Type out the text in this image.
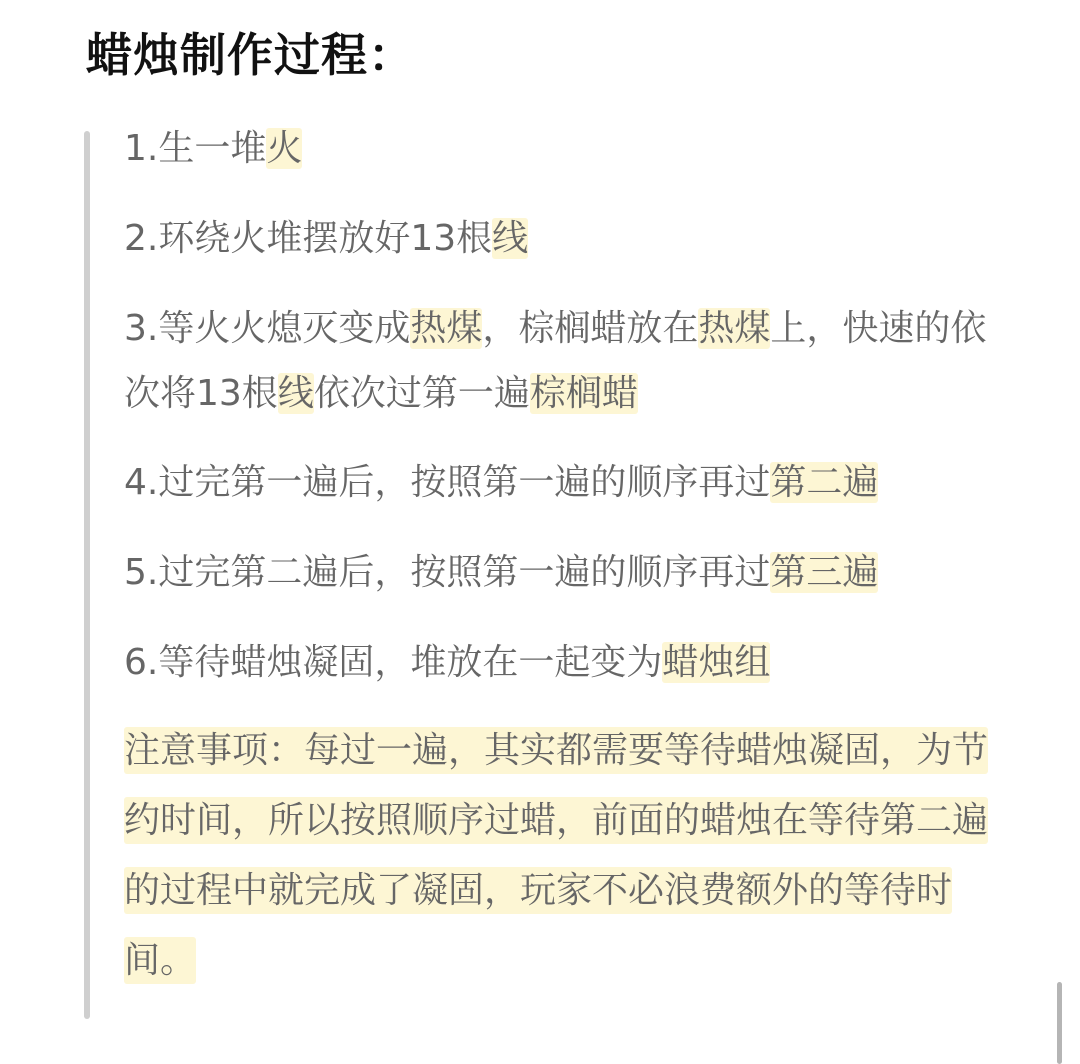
蜡烛制作过程：

1.生一堆火

2.环绕火堆摆放好13根线

3.等火火熄灭变成热煤，棕榈蜡放在热煤上，快速的依次将13根线依次过第一遍棕榈蜡

4.过完第一遍后，按照第一遍的顺序再过第二遍

5.过完第二遍后，按照第一遍的顺序再过第三遍

6.等待蜡烛凝固，堆放在一起变为蜡烛组

注意事项：每过一遍，其实都需要等待蜡烛凝固，为节约时间，所以按照顺序过蜡，前面的蜡烛在等待第二遍的过程中就完成了凝固，玩家不必浪费额外的等待时间。
